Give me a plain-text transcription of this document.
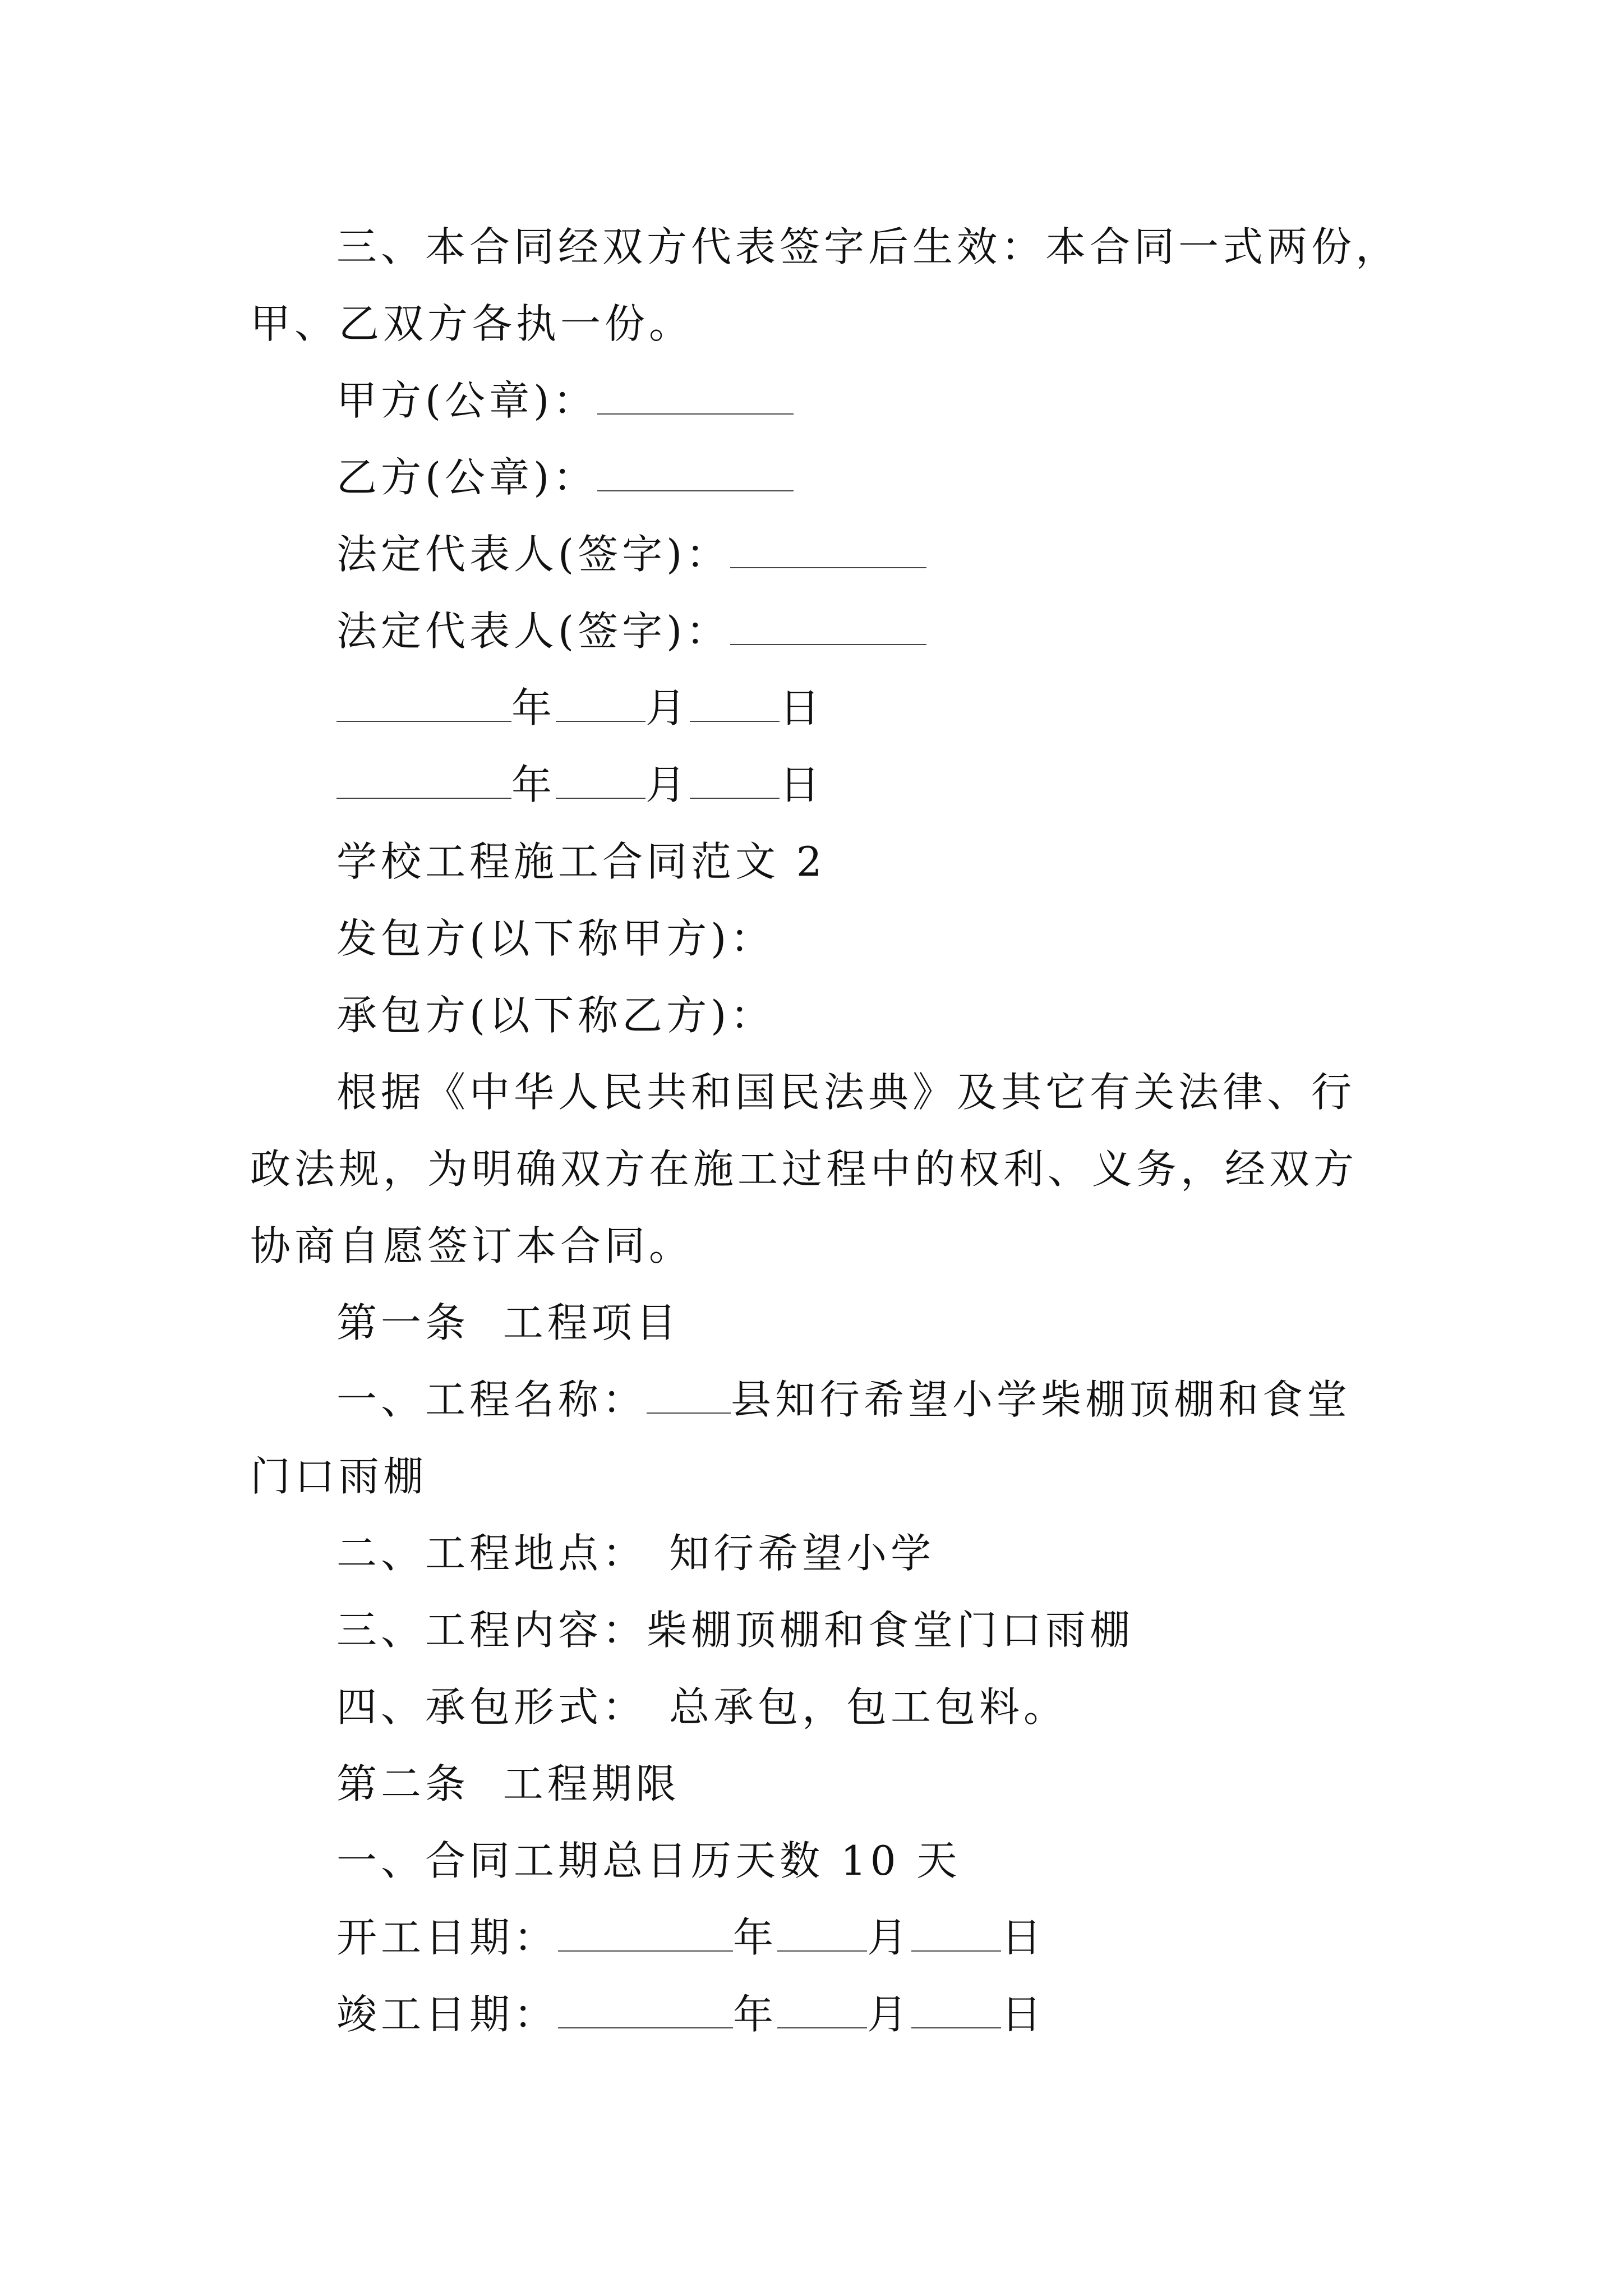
三、本合同经双方代表签字后生效：本合同一式两份，
甲、乙双方各执一份。
甲方(公章)：
乙方(公章)：
法定代表人(签字)：
法定代表人(签字)：
年 月 日
年 月 日
学校工程施工合同范文 2
发包方(以下称甲方)：
承包方(以下称乙方)：
根据《中华人民共和国民法典》及其它有关法律、行政法规，为明确双方在施工过程中的权利、义务，经双方协商自愿签订本合同。
第一条  工程项目
一、工程名称： 县知行希望小学柴棚顶棚和食堂门口雨棚
二、工程地点： 知行希望小学
三、工程内容：柴棚顶棚和食堂门口雨棚
四、承包形式： 总承包，包工包料。
第二条  工程期限
一、合同工期总日历天数 10 天
开工日期：	年 月 日
竣工日期：	年 月 日
